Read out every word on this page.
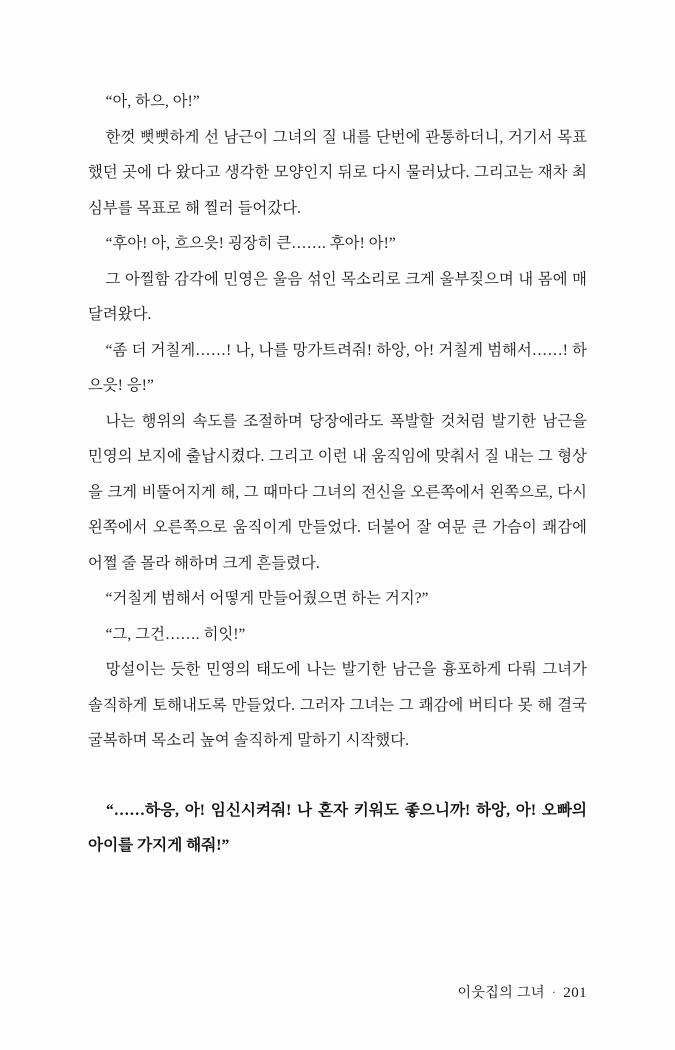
“아, 하으, 아!”

한껏 뻣뻣하게 선 남근이 그녀의 질 내를 단번에 관통하더니, 거기서 목표했던 곳에 다 왔다고 생각한 모양인지 뒤로 다시 물러났다. 그리고는 재차 최심부를 목표로 해 찔러 들어갔다.

“후아! 아, 흐으읏! 굉장히 큰……. 후아! 아!”

그 아찔함 감각에 민영은 울음 섞인 목소리로 크게 울부짖으며 내 몸에 매달려왔다.

“좀 더 거칠게……! 나, 나를 망가트려줘! 하앙, 아! 거칠게 범해서……! 하으읏! 응!”

나는 행위의 속도를 조절하며 당장에라도 폭발할 것처럼 발기한 남근을 민영의 보지에 출납시켰다. 그리고 이런 내 움직임에 맞춰서 질 내는 그 형상을 크게 비뚤어지게 해, 그 때마다 그녀의 전신을 오른쪽에서 왼쪽으로, 다시 왼쪽에서 오른쪽으로 움직이게 만들었다. 더불어 잘 여문 큰 가슴이 쾌감에 어쩔 줄 몰라 해하며 크게 흔들렸다.

“거칠게 범해서 어떻게 만들어줬으면 하는 거지?”

“그, 그건……. 히잇!”

망설이는 듯한 민영의 태도에 나는 발기한 남근을 흉포하게 다뤄 그녀가 솔직하게 토해내도록 만들었다. 그러자 그녀는 그 쾌감에 버티다 못 해 결국 굴복하며 목소리 높여 솔직하게 말하기 시작했다.

“……하응, 아! 임신시켜줘! 나 혼자 키워도 좋으니까! 하앙, 아! 오빠의 아이를 가지게 해줘!”

이웃집의 그녀 · 201
